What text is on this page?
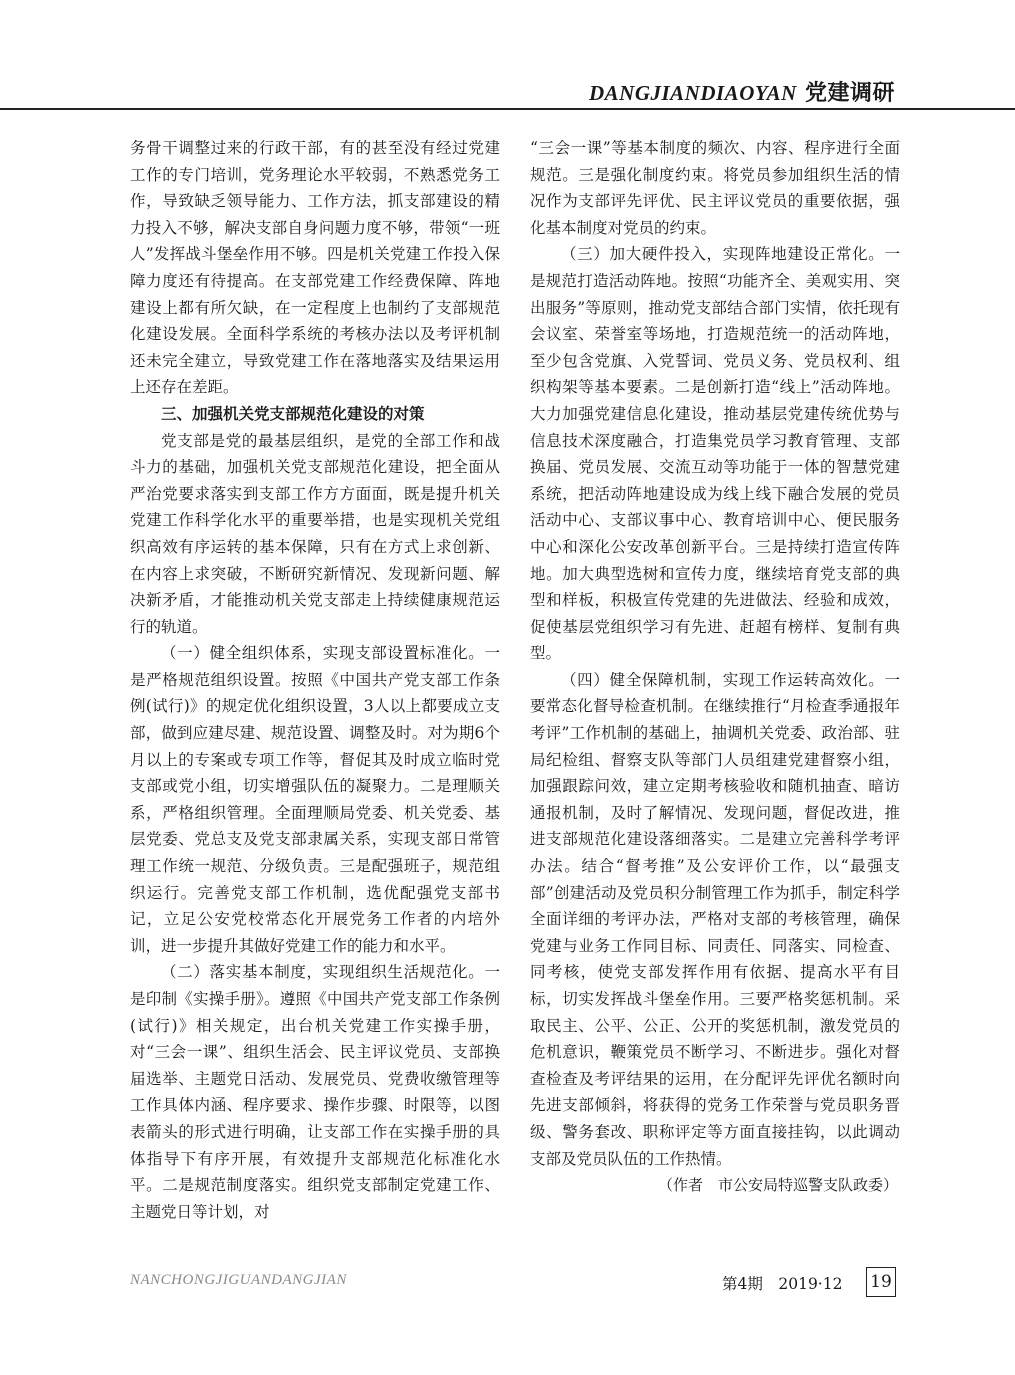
DANGJIANDIAOYAN 党建调研

务骨干调整过来的行政干部，有的甚至没有经过党建工作的专门培训，党务理论水平较弱，不熟悉党务工作，导致缺乏领导能力、工作方法，抓支部建设的精力投入不够，解决支部自身问题力度不够，带领“一班人”发挥战斗堡垒作用不够。四是机关党建工作投入保障力度还有待提高。在支部党建工作经费保障、阵地建设上都有所欠缺，在一定程度上也制约了支部规范化建设发展。全面科学系统的考核办法以及考评机制还未完全建立，导致党建工作在落地落实及结果运用上还存在差距。

三、加强机关党支部规范化建设的对策

党支部是党的最基层组织，是党的全部工作和战斗力的基础，加强机关党支部规范化建设，把全面从严治党要求落实到支部工作方方面面，既是提升机关党建工作科学化水平的重要举措，也是实现机关党组织高效有序运转的基本保障，只有在方式上求创新、在内容上求突破，不断研究新情况、发现新问题、解决新矛盾，才能推动机关党支部走上持续健康规范运行的轨道。

（一）健全组织体系，实现支部设置标准化。一是严格规范组织设置。按照《中国共产党支部工作条例(试行)》的规定优化组织设置，3人以上都要成立支部，做到应建尽建、规范设置、调整及时。对为期6个月以上的专案或专项工作等，督促其及时成立临时党支部或党小组，切实增强队伍的凝聚力。二是理顺关系，严格组织管理。全面理顺局党委、机关党委、基层党委、党总支及党支部隶属关系，实现支部日常管理工作统一规范、分级负责。三是配强班子，规范组织运行。完善党支部工作机制，选优配强党支部书记，立足公安党校常态化开展党务工作者的内培外训，进一步提升其做好党建工作的能力和水平。

（二）落实基本制度，实现组织生活规范化。一是印制《实操手册》。遵照《中国共产党支部工作条例(试行)》相关规定，出台机关党建工作实操手册，对“三会一课”、组织生活会、民主评议党员、支部换届选举、主题党日活动、发展党员、党费收缴管理等工作具体内涵、程序要求、操作步骤、时限等，以图表箭头的形式进行明确，让支部工作在实操手册的具体指导下有序开展，有效提升支部规范化标准化水平。二是规范制度落实。组织党支部制定党建工作、主题党日等计划，对

“三会一课”等基本制度的频次、内容、程序进行全面规范。三是强化制度约束。将党员参加组织生活的情况作为支部评先评优、民主评议党员的重要依据，强化基本制度对党员的约束。

（三）加大硬件投入，实现阵地建设正常化。一是规范打造活动阵地。按照“功能齐全、美观实用、突出服务”等原则，推动党支部结合部门实情，依托现有会议室、荣誉室等场地，打造规范统一的活动阵地，至少包含党旗、入党誓词、党员义务、党员权利、组织构架等基本要素。二是创新打造“线上”活动阵地。大力加强党建信息化建设，推动基层党建传统优势与信息技术深度融合，打造集党员学习教育管理、支部换届、党员发展、交流互动等功能于一体的智慧党建系统，把活动阵地建设成为线上线下融合发展的党员活动中心、支部议事中心、教育培训中心、便民服务中心和深化公安改革创新平台。三是持续打造宣传阵地。加大典型选树和宣传力度，继续培育党支部的典型和样板，积极宣传党建的先进做法、经验和成效，促使基层党组织学习有先进、赶超有榜样、复制有典型。

（四）健全保障机制，实现工作运转高效化。一要常态化督导检查机制。在继续推行“月检查季通报年考评”工作机制的基础上，抽调机关党委、政治部、驻局纪检组、督察支队等部门人员组建党建督察小组，加强跟踪问效，建立定期考核验收和随机抽查、暗访通报机制，及时了解情况、发现问题，督促改进，推进支部规范化建设落细落实。二是建立完善科学考评办法。结合“督考推”及公安评价工作，以“最强支部”创建活动及党员积分制管理工作为抓手，制定科学全面详细的考评办法，严格对支部的考核管理，确保党建与业务工作同目标、同责任、同落实、同检查、同考核，使党支部发挥作用有依据、提高水平有目标，切实发挥战斗堡垒作用。三要严格奖惩机制。采取民主、公平、公正、公开的奖惩机制，激发党员的危机意识，鞭策党员不断学习、不断进步。强化对督查检查及考评结果的运用，在分配评先评优名额时向先进支部倾斜，将获得的党务工作荣誉与党员职务晋级、警务套改、职称评定等方面直接挂钩，以此调动支部及党员队伍的工作热情。

（作者　市公安局特巡警支队政委）
NANCHONGJIGUANDANGJIAN	第4期　2019·12 19
